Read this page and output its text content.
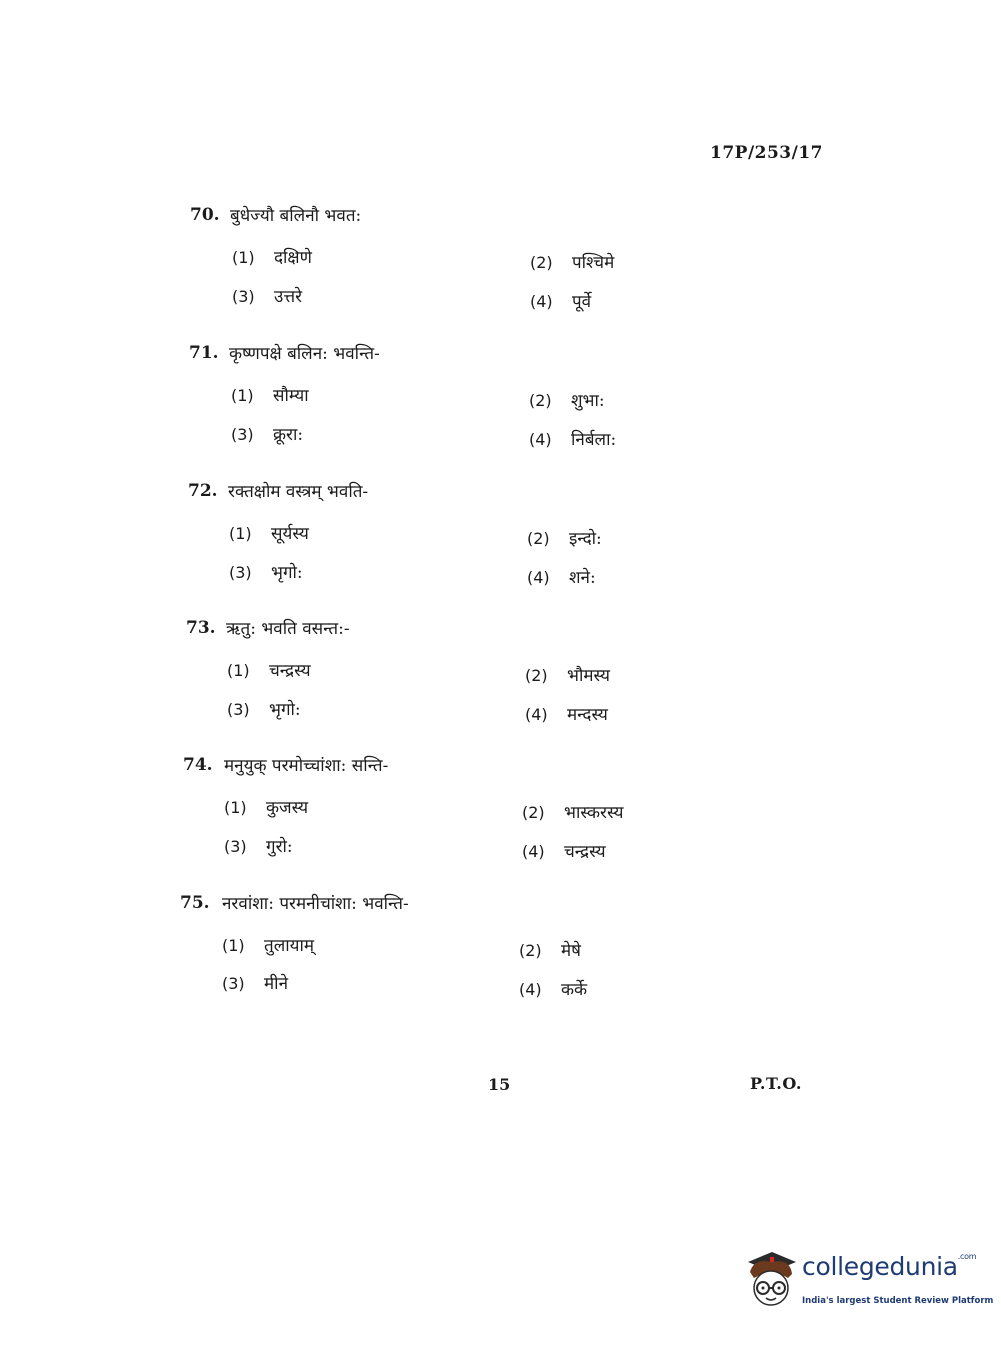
17P/253/17
70. बुधेज्यौ बलिनौ भवत:
(1) दक्षिणे	(2) पश्चिमे
(3) उत्तरे	(4) पूर्वे
71. कृष्णपक्षे बलिन: भवन्ति-
(1) सौम्या	(2) शुभा:
(3) क्रूरा:	(4) निर्बला:
72. रक्तक्षोम वस्त्रम् भवति-
(1) सूर्यस्य	(2) इन्दो:
(3) भृगो:	(4) शने:
73. ऋतु: भवति वसन्त:-
(1) चन्द्रस्य	(2) भौमस्य
(3) भृगो:	(4) मन्दस्य
74. मनुयुक् परमोच्चांशा: सन्ति-
(1) कुजस्य	(2) भास्करस्य
(3) गुरो:	(4) चन्द्रस्य
75. नरवांशा: परमनीचांशा: भवन्ति-
(1) तुलायाम्	(2) मेषे
(3) मीने	(4) कर्के
15	P.T.O.
collegedunia$^{.com}$
India's largest Student Review Platform
